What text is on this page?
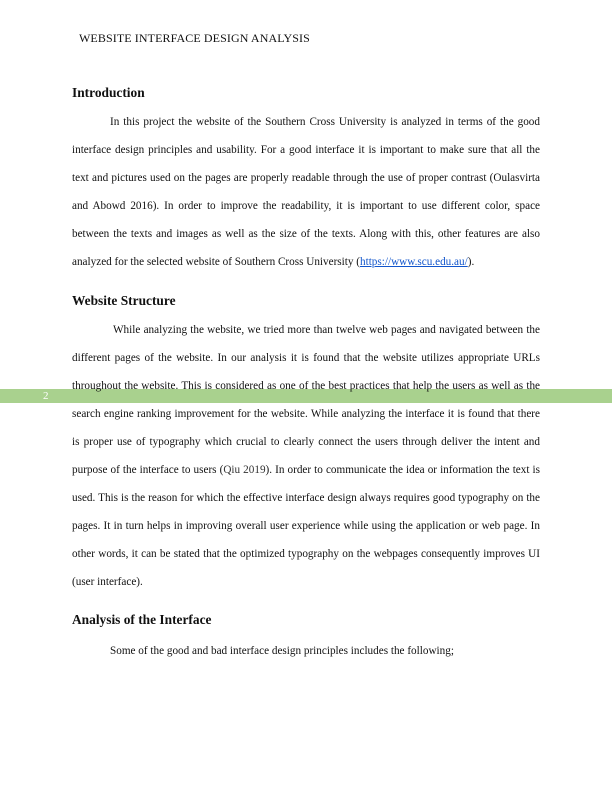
WEBSITE INTERFACE DESIGN ANALYSIS
2
Introduction

In this project the website of the Southern Cross University is analyzed in terms of the good interface design principles and usability. For a good interface it is important to make sure that all the text and pictures used on the pages are properly readable through the use of proper contrast (Oulasvirta and Abowd 2016). In order to improve the readability, it is important to use different color, space between the texts and images as well as the size of the texts. Along with this, other features are also analyzed for the selected website of Southern Cross University (https://www.scu.edu.au/).

Website Structure

While analyzing the website, we tried more than twelve web pages and navigated between the different pages of the website. In our analysis it is found that the website utilizes appropriate URLs throughout the website. This is considered as one of the best practices that help the users as well as the search engine ranking improvement for the website. While analyzing the interface it is found that there is proper use of typography which crucial to clearly connect the users through deliver the intent and purpose of the interface to users (Qiu 2019). In order to communicate the idea or information the text is used. This is the reason for which the effective interface design always requires good typography on the pages. It in turn helps in improving overall user experience while using the application or web page. In other words, it can be stated that the optimized typography on the webpages consequently improves UI (user interface).

Analysis of the Interface

Some of the good and bad interface design principles includes the following;
